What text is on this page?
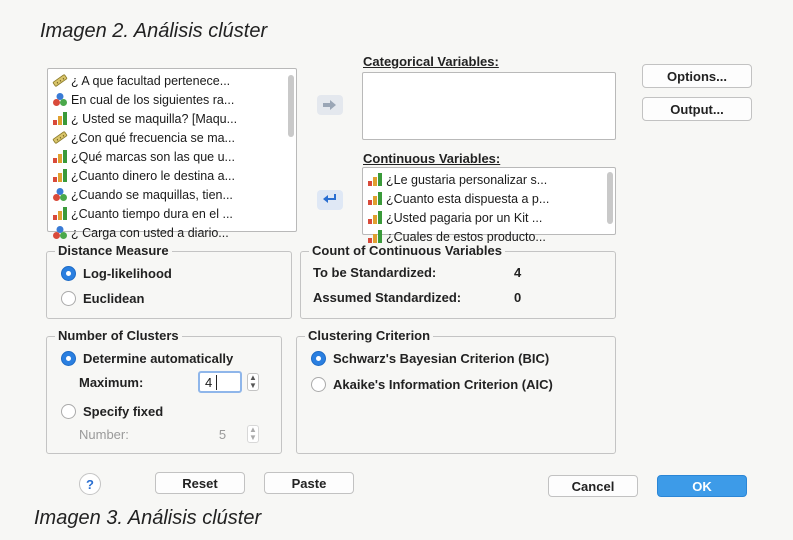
Imagen 2. Análisis clúster
¿ A que facultad pertenece...
En cual de los siguientes ra...
¿ Usted se maquilla? [Maqu...
¿Con qué frecuencia se ma...
¿Qué marcas son las que u...
¿Cuanto dinero le destina a...
¿Cuando se maquillas, tien...
¿Cuanto tiempo dura en el ...
¿ Carga con usted a diario...
Categorical Variables:
Options...
Output...
Continuous Variables:
¿Le gustaria personalizar s...
¿Cuanto esta dispuesta a p...
¿Usted pagaria por un Kit ...
¿Cuales de estos producto...
Distance Measure
Log-likelihood
Euclidean
Count of Continuous Variables
To be Standardized:	4
Assumed Standardized:	0
Number of Clusters
Determine automatically
Maximum:	4	▲
▼
Specify fixed
Number:	5	▲
▼
Clustering Criterion
Schwarz's Bayesian Criterion (BIC)
Akaike's Information Criterion (AIC)
?	Reset	Paste	Cancel	OK
Imagen 3. Análisis clúster
